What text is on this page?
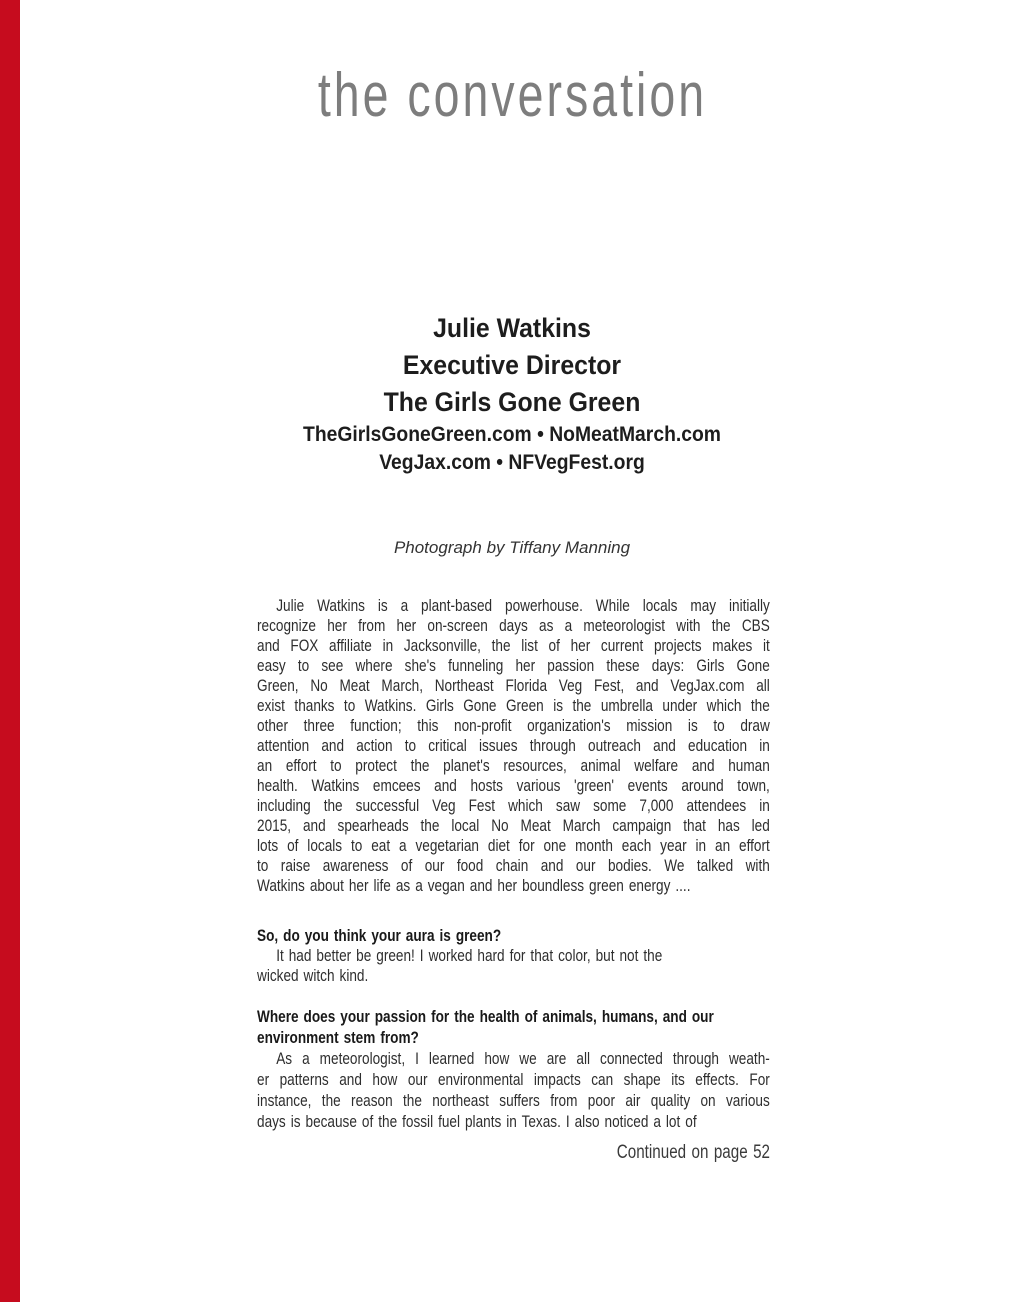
the conversation
Julie Watkins
Executive Director
The Girls Gone Green
TheGirlsGoneGreen.com • NoMeatMarch.com
VegJax.com • NFVegFest.org
Photograph by Tiffany Manning
Julie Watkins is a plant-based powerhouse. While locals may initially
recognize her from her on-screen days as a meteorologist with the CBS
and FOX affiliate in Jacksonville, the list of her current projects makes it
easy to see where she's funneling her passion these days: Girls Gone
Green, No Meat March, Northeast Florida Veg Fest, and VegJax.com all
exist thanks to Watkins. Girls Gone Green is the umbrella under which the
other three function; this non-profit organization's mission is to draw
attention and action to critical issues through outreach and education in
an effort to protect the planet's resources, animal welfare and human
health. Watkins emcees and hosts various 'green' events around town,
including the successful Veg Fest which saw some 7,000 attendees in
2015, and spearheads the local No Meat March campaign that has led
lots of locals to eat a vegetarian diet for one month each year in an effort
to raise awareness of our food chain and our bodies. We talked with
Watkins about her life as a vegan and her boundless green energy ....
So, do you think your aura is green?
It had better be green! I worked hard for that color, but not the
wicked witch kind.
Where does your passion for the health of animals, humans, and our
environment stem from?
As a meteorologist, I learned how we are all connected through weath-
er patterns and how our environmental impacts can shape its effects. For
instance, the reason the northeast suffers from poor air quality on various
days is because of the fossil fuel plants in Texas. I also noticed a lot of
Continued on page 52
